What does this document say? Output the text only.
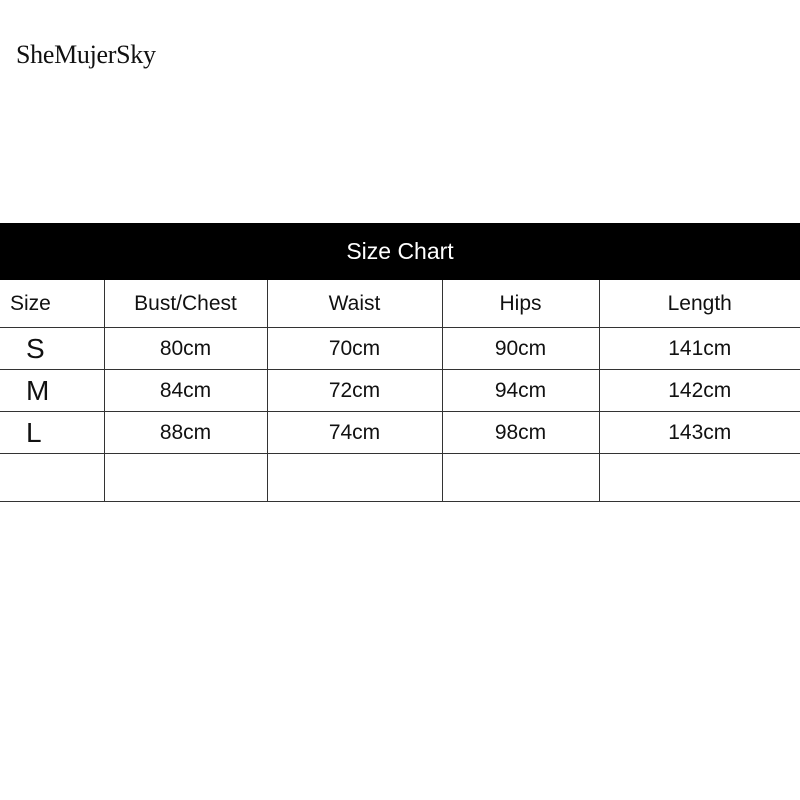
SheMujerSky
Size Chart
Size	Bust/Chest	Waist	Hips	Length
S	80cm	70cm	90cm	141cm
M	84cm	72cm	94cm	142cm
L	88cm	74cm	98cm	143cm
